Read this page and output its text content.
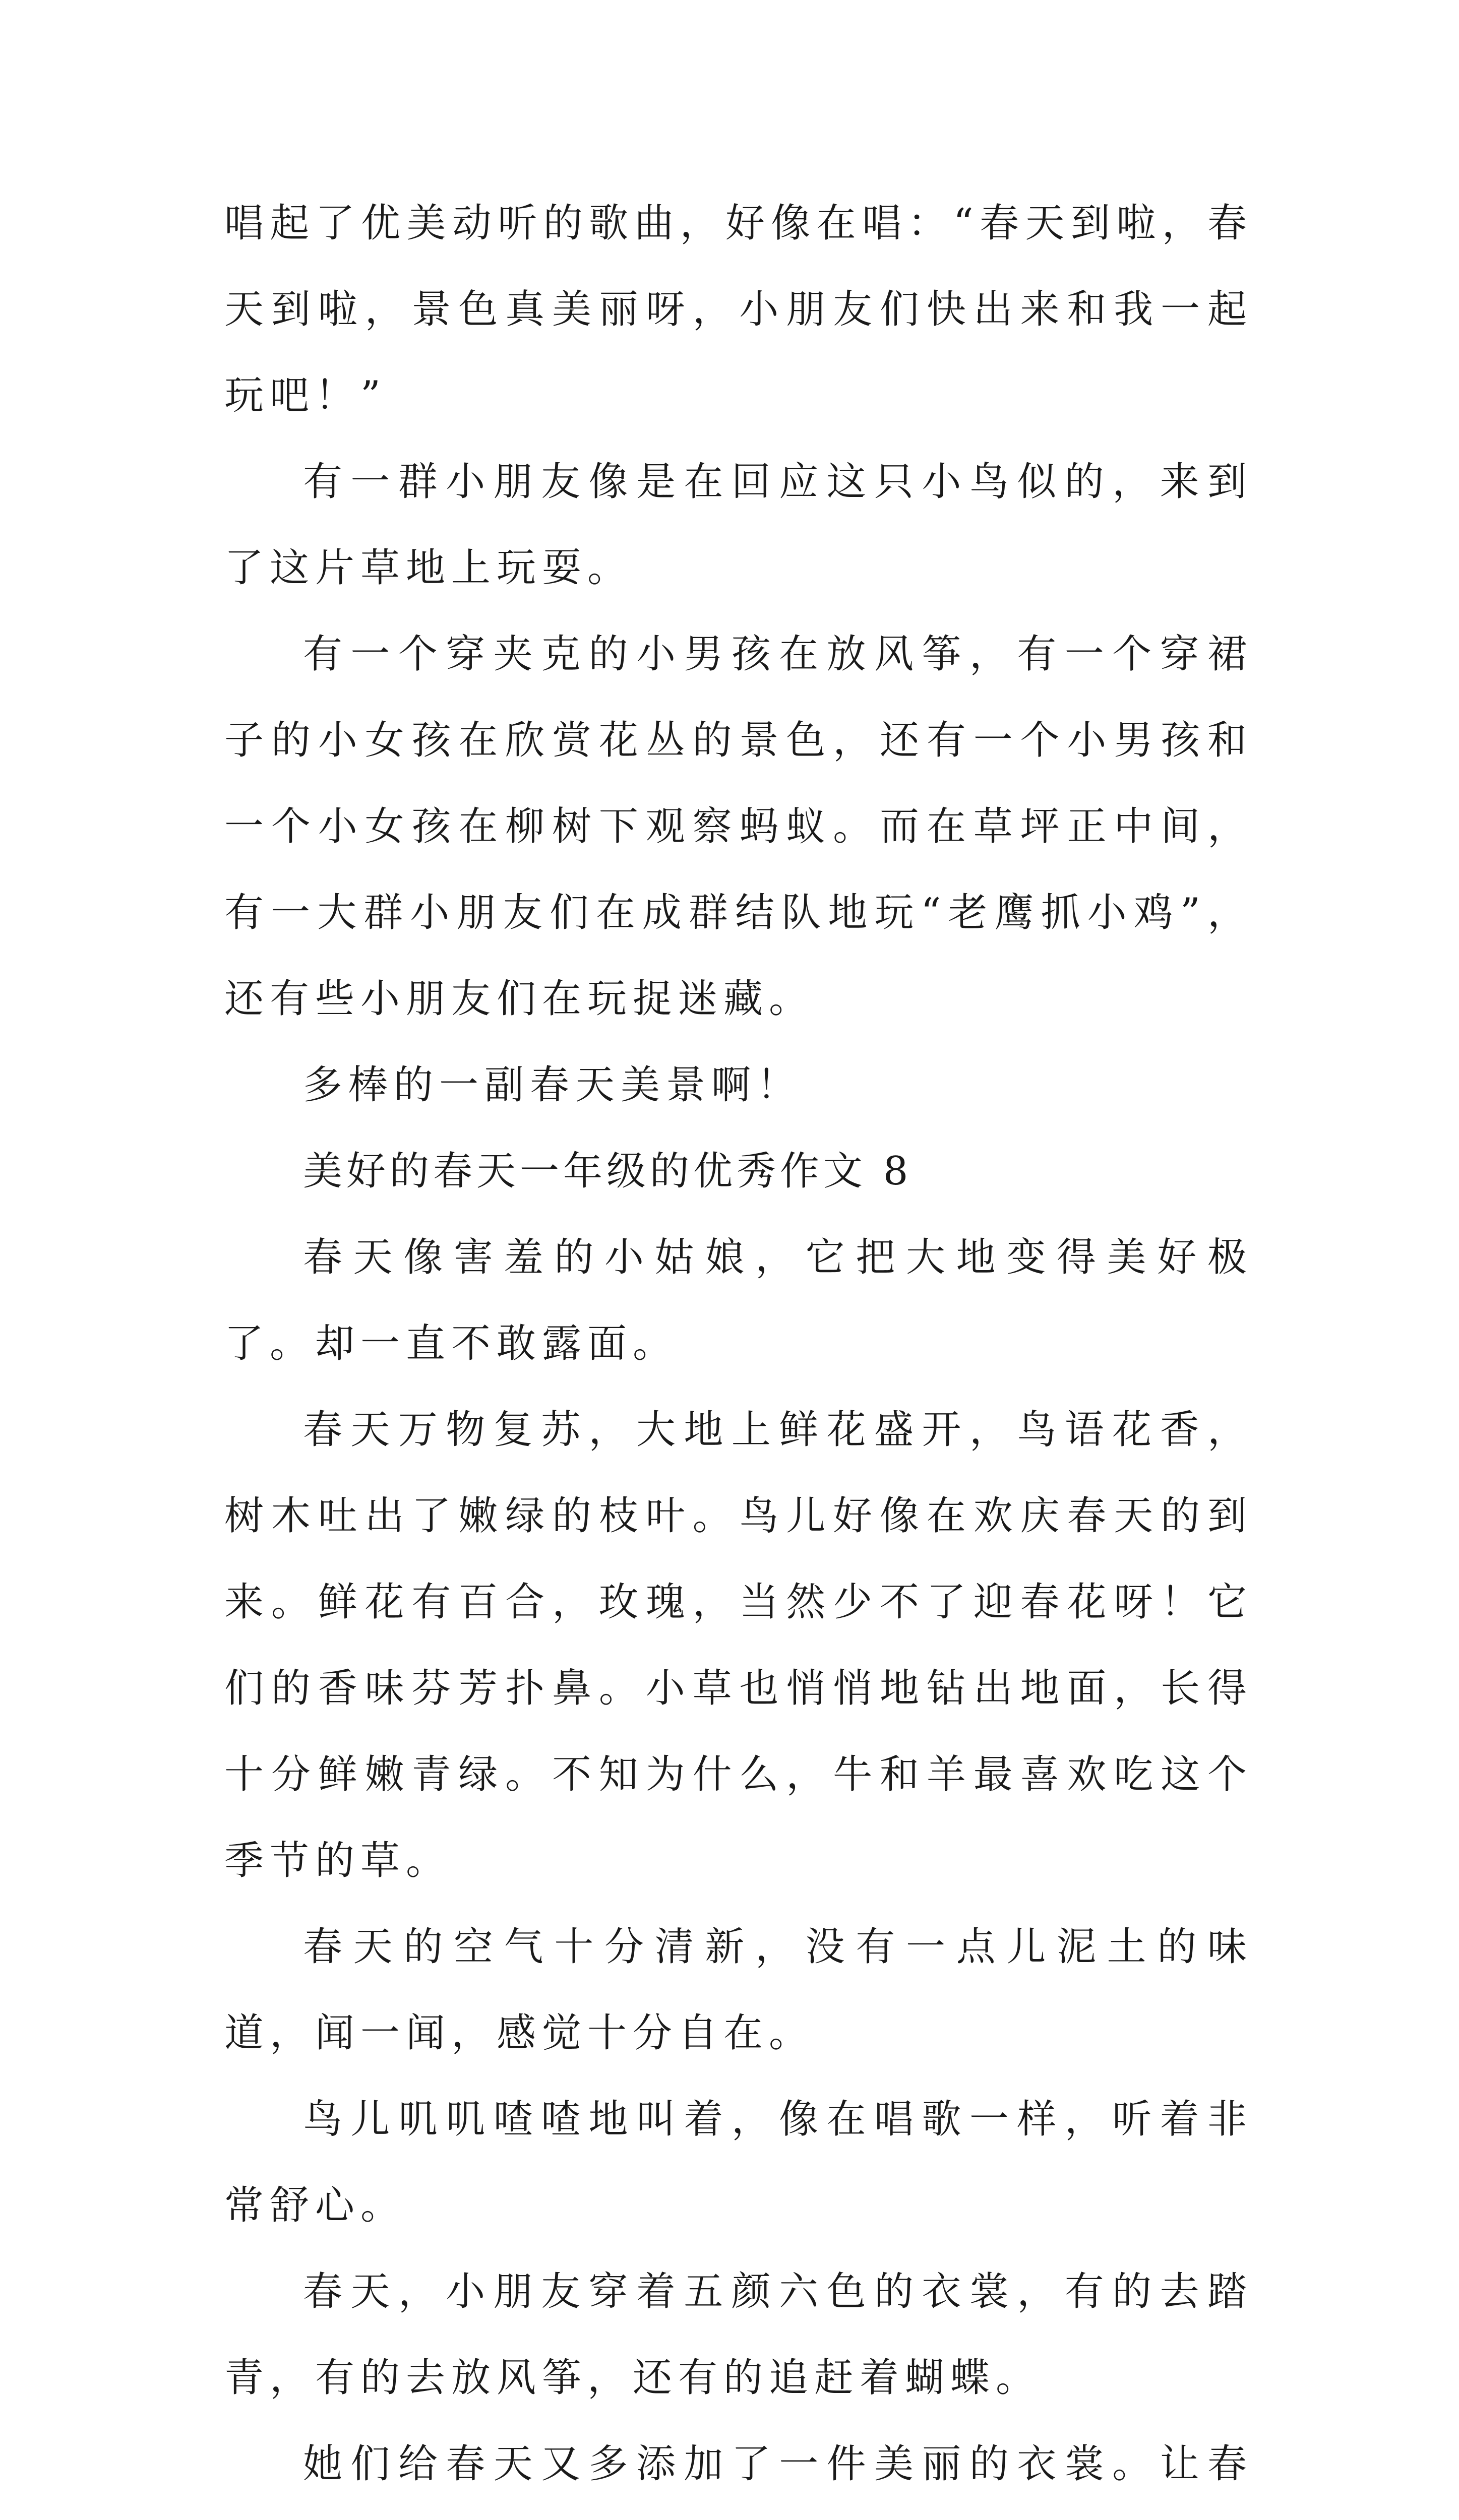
唱起了优美动听的歌曲，好像在唱：“春天到啦，春天到啦，景色真美丽呀，小朋友们快出来和我一起玩吧！”

有一群小朋友像是在回应这只小鸟似的，来到了这片草地上玩耍。

有一个穿夹克的小男孩在放风筝，有一个穿裙子的小女孩在欣赏花丛的景色，还有一个小男孩和一个小女孩在柳树下观察蚂蚁。而在草坪正中间，有一大群小朋友们在成群结队地玩“老鹰抓小鸡”，还有些小朋友们在玩捉迷藏。

多棒的一副春天美景啊！

美好的春天一年级的优秀作文 8

春天像害羞的小姑娘，它把大地变得美好极了。却一直不敢露面。

春天万物复苏，大地上鲜花盛开，鸟语花香，树木吐出了嫩绿的枝叶。鸟儿好像在欢庆春天的到来。鲜花有百合，玫瑰，当然少不了迎春花呀！它们的香味芬芳扑鼻。小草也悄悄地钻出地面，长得十分鲜嫩青绿。不知为什么，牛和羊最喜欢吃这个季节的草。

春天的空气十分清新，没有一点儿泥土的味道，闻一闻，感觉十分自在。

鸟儿叽叽喳喳地叫着，像在唱歌一样，听着非常舒心。

春天，小朋友穿着五颜六色的衣裳，有的去踏青，有的去放风筝，还有的追赶着蝴蝶。

她们给春天又多添加了一件美丽的衣裳。让春
